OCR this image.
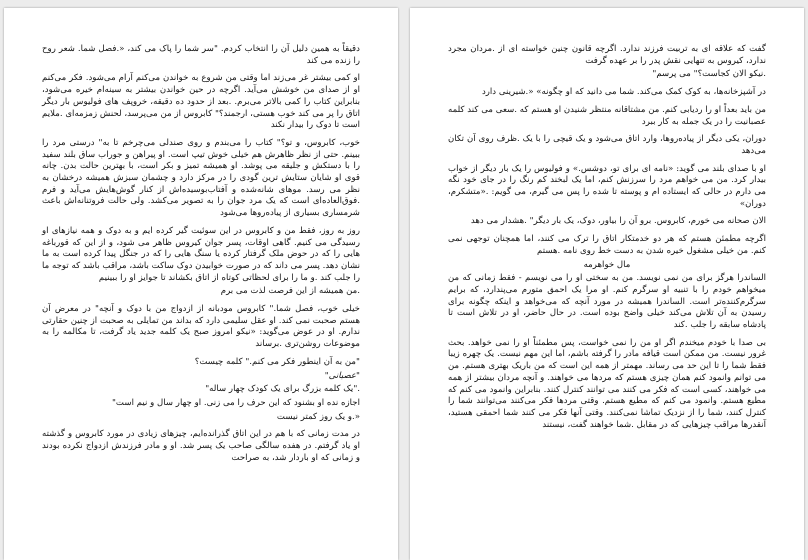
دقیقاً به همین دلیل آن را انتخاب کردم. "سر شما را پاک می کند، «.فصل شما. شعر روح را زنده می کند

او کمی بیشتر غر می‌زند اما وقتی من شروع به خواندن می‌کنم آرام می‌شود. فکر می‌کنم او از صدای من خوشش می‌آید. اگرچه در حین خواندن بیشتر به سینه‌ام خیره می‌شود، بنابراین کتاب را کمی بالاتر می‌برم. .بعد از حدود ده دقیقه، خروپف های فولیوس بار دیگر اتاق را پر می کند خوب هستی، ارجمند؟" کابروس از من می‌پرسد، لحنش زمزمه‌ای .ملایم است تا دوک را بیدار نکند

خوب، کابروس، و تو؟" کتاب را می‌بندم و روی صندلی می‌چرخم تا به" درستی مرد را ببینم. حتی از نظر ظاهرش هم خیلی خوش تیپ است. او پیراهن و جوراب ساق بلند سفید را با دستکش و جلیقه می پوشد. او همیشه تمیز و بکر است، با بهترین حالت بدن. چانه قوی او شایان ستایش ترین گودی را در مرکز دارد و چشمان سبزش همیشه درخشان به نظر می رسد. موهای شانه‌شده و آفتاب‌بوسیده‌اش از کنار گوش‌هایش می‌آید و فرم .فوق‌العاده‌ای است که یک مرد جوان را به تصویر می‌کشد. ولی حالت فروتنانه‌اش باعث شرمساری بسیاری از پیاده‌روها می‌شود

روز به روز، فقط من و کابروس در این سوئیت گیر کرده ایم و به دوک و همه نیازهای او رسیدگی می کنیم. گاهی اوقات، پسر جوان کیروس ظاهر می شود، و از این که قورباغه هایی را که در حوض ملک گرفتار کرده یا سنگ هایی را که در جنگل پیدا کرده است به ما نشان دهد. پسر می داند که در صورت خوابیدن دوک ساکت باشد، مراقب باشد که توجه ما را جلب کند .و ما را برای لحظاتی کوتاه از اتاق بکشاند تا جوایز او را ببینیم

.من همیشه از این فرصت لذت می برم

خیلی خوب، فصل شما." کابروس مودبانه از ازدواج من با دوک و آنچه" در معرض آن هستم صحبت نمی کند. او عقل سلیمی دارد که بداند من تمایلی به صحبت از چنین حقارتی ندارم. او در عوض می‌گوید: «نیکو امروز صبح یک کلمه جدید یاد گرفت، تا مکالمه را به موضوعات روشن‌تری .برساند

"من به آن اینطور فکر می کنم." کلمه چیست؟

"عصبانی"

."یک کلمه بزرگ برای یک کودک چهار ساله"

اجازه نده او بشنود که این حرف را می زنی. او چهار سال و نیم است"

«.و یک روز کمتر نیست

در مدت زمانی که با هم در این اتاق گذرانده‌ایم، چیزهای زیادی در مورد کابروس و گذشته او یاد گرفتم. در هفده سالگی صاحب یک پسر شد. او و مادر فرزندش ازدواج نکرده بودند و زمانی که او باردار شد، به صراحت

گفت که علاقه ای به تربیت فرزند ندارد. اگرچه قانون چنین خواسته ای از .مردان مجرد ندارد، کیروس به تنهایی نقش پدر را بر عهده گرفت

.نیکو الان کجاست؟" می پرسم"

در آشپزخانه‌ها، به کوک کمک می‌کند. شما می دانید که او چگونه» «.شیرینی دارد

من باید بعداً او را ردیابی کنم. من مشتاقانه منتظر شنیدن او هستم که .سعی می کند کلمه عصبانیت را در یک جمله به کار ببرد

دوران، یکی دیگر از پیاده‌روها، وارد اتاق می‌شود و یک قیچی را با یک .ظرف روی آن تکان می‌دهد

او با صدای بلند می گوید: «نامه ای برای تو، دوشس.» و فولیوس را یک بار دیگر از خواب بیدار کرد. من می خواهم مرد را سرزنش کنم، اما یک لبخند کم رنگ را در جای خود نگه می دارم در حالی که ایستاده ام و پوسته تا شده را پس می گیرم، می گویم: .«متشکرم، دوران»

الان صحانه می خورم، کابروس. برو آن را بیاور، دوک، یک بار دیگر" .هشدار می دهد

اگرچه مطمئن هستم که هر دو خدمتکار اتاق را ترک می کنند، اما همچنان توجهی نمی کنم. من خیلی مشغول خیره شدن به دست خط روی نامه .هستم

مال خواهرمه

الساندرا هرگز برای من نمی نویسد. من به سختی او را می نویسم - فقط زمانی که من میخواهم خودم را با تنبیه او سرگرم کنم. او مرا یک احمق متورم می‌پندارد، که برایم سرگرم‌کننده‌تر است. الساندرا همیشه در مورد آنچه که می‌خواهد و اینکه چگونه برای رسیدن به آن تلاش می‌کند خیلی واضح بوده است. در حال حاضر، او در تلاش است تا پادشاه سابقه را جلب .کند

بی صدا با خودم میخندم اگر او من را نمی خواست، پس مطمئناً او را نمی خواهد. بحث غرور نیست. من ممکن است قیافه مادر را گرفته باشم، اما این مهم نیست. یک چهره زیبا فقط شما را تا این حد می رساند. مهمتر از همه این است که من باریک بهتری هستم. من می توانم وانمود کنم همان چیزی هستم که مردها می خواهند. و آنچه مردان بیشتر از همه می خواهند، کسی است که فکر می کنند می توانند کنترل کنند. بنابراین وانمود می کنم که مطیع هستم. وانمود می کنم که مطیع هستم. وقتی مردها فکر می‌کنند می‌توانند شما را کنترل کنند، شما را از نزدیک تماشا نمی‌کنند. وقتی آنها فکر می کنند شما احمقی هستید، آنقدرها مراقب چیزهایی که در مقابل .شما خواهند گفت، نیستند
